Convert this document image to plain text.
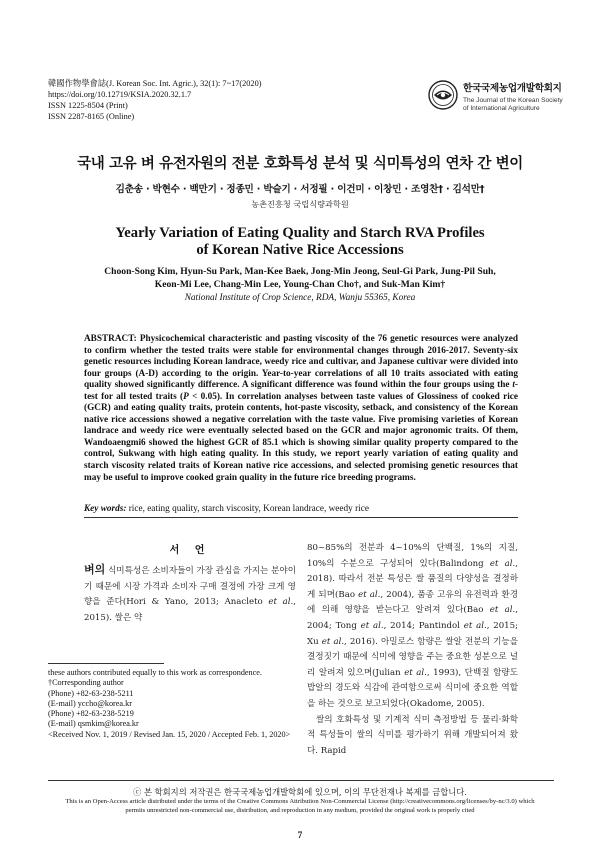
韓國作物學會誌(J. Korean Soc. Int. Agric.), 32(1): 7~17(2020)
https://doi.org/10.12719/KSIA.2020.32.1.7
ISSN 1225-8504 (Print)
ISSN 2287-8165 (Online)
한국국제농업개발학회지
The Journal of the Korean Society
of International Agriculture
국내 고유 벼 유전자원의 전분 호화특성 분석 및 식미특성의 연차 간 변이
김춘송 · 박현수 · 백만기 · 정종민 · 박슬기 · 서정필 · 이건미 · 이창민 · 조영찬† · 김석만†
농촌진흥청 국립식량과학원
Yearly Variation of Eating Quality and Starch RVA Profiles
of Korean Native Rice Accessions
Choon-Song Kim, Hyun-Su Park, Man-Kee Baek, Jong-Min Jeong, Seul-Gi Park, Jung-Pil Suh,
Keon-Mi Lee, Chang-Min Lee, Young-Chan Cho†, and Suk-Man Kim†
National Institute of Crop Science, RDA, Wanju 55365, Korea
ABSTRACT: Physicochemical characteristic and pasting viscosity of the 76 genetic resources were analyzed to confirm whether the tested traits were stable for environmental changes through 2016-2017. Seventy-six genetic resources including Korean landrace, weedy rice and cultivar, and Japanese cultivar were divided into four groups (A-D) according to the origin. Year-to-year correlations of all 10 traits associated with eating quality showed significantly difference. A significant difference was found within the four groups using the t-test for all tested traits (P < 0.05). In correlation analyses between taste values of Glossiness of cooked rice (GCR) and eating quality traits, protein contents, hot-paste viscosity, setback, and consistency of the Korean native rice accessions showed a negative correlation with the taste value. Five promising varieties of Korean landrace and weedy rice were eventually selected based on the GCR and major agronomic traits. Of them, Wandoaengmi6 showed the highest GCR of 85.1 which is showing similar quality property compared to the control, Sukwang with high eating quality. In this study, we report yearly variation of eating quality and starch viscosity related traits of Korean native rice accessions, and selected promising genetic resources that may be useful to improve cooked grain quality in the future rice breeding programs.
Key words: rice, eating quality, starch viscosity, Korean landrace, weedy rice
서 언
벼의 식미특성은 소비자들이 가장 관심을 가지는 분야이기 때문에 시장 가격과 소비자 구매 결정에 가장 크게 영향을 준다(Hori & Yano, 2013; Anacleto et al., 2015). 쌀은 약
80~85%의 전분과 4~10%의 단백질, 1%의 지질, 10%의 수분으로 구성되어 있다(Balindong et al., 2018). 따라서 전분 특성은 쌀 품질의 다양성을 결정하게 되며(Bao et al., 2004), 품종 고유의 유전력과 환경에 의해 영향을 받는다고 알려져 있다(Bao et al., 2004; Tong et al., 2014; Pantindol et al., 2015; Xu et al., 2016). 아밀로스 함량은 쌀알 전분의 기능을 결정짓기 때문에 식미에 영향을 주는 중요한 성분으로 널리 알려져 있으며(Julian et al., 1993), 단백질 함량도 밥알의 경도와 식감에 관여함으로써 식미에 중요한 역할을 하는 것으로 보고되었다(Okadome, 2005).
쌀의 호화특성 및 기계적 식미 측정방법 등 물리·화학적 특성들이 쌀의 식미를 평가하기 위해 개발되어져 왔다. Rapid
these authors contributed equally to this work as correspondence.
†Corresponding author
(Phone) +82-63-238-5211
(E-mail) yccho@korea.kr
(Phone) +82-63-238-5219
(E-mail) qsmkim@korea.kr
<Received Nov. 1, 2019 / Revised Jan. 15, 2020 / Accepted Feb. 1, 2020>
ⓒ 본 학회지의 저작권은 한국국제농업개발학회에 있으며, 이의 무단전재나 복제를 금합니다.
This is an Open-Access article distributed under the terms of the Creative Commons Attribution Non-Commercial License (http://creativecommons.org/licenses/by-nc/3.0) which
permits unrestricted non-commercial use, distribution, and reproduction in any medium, provided the original work is properly cited
7
